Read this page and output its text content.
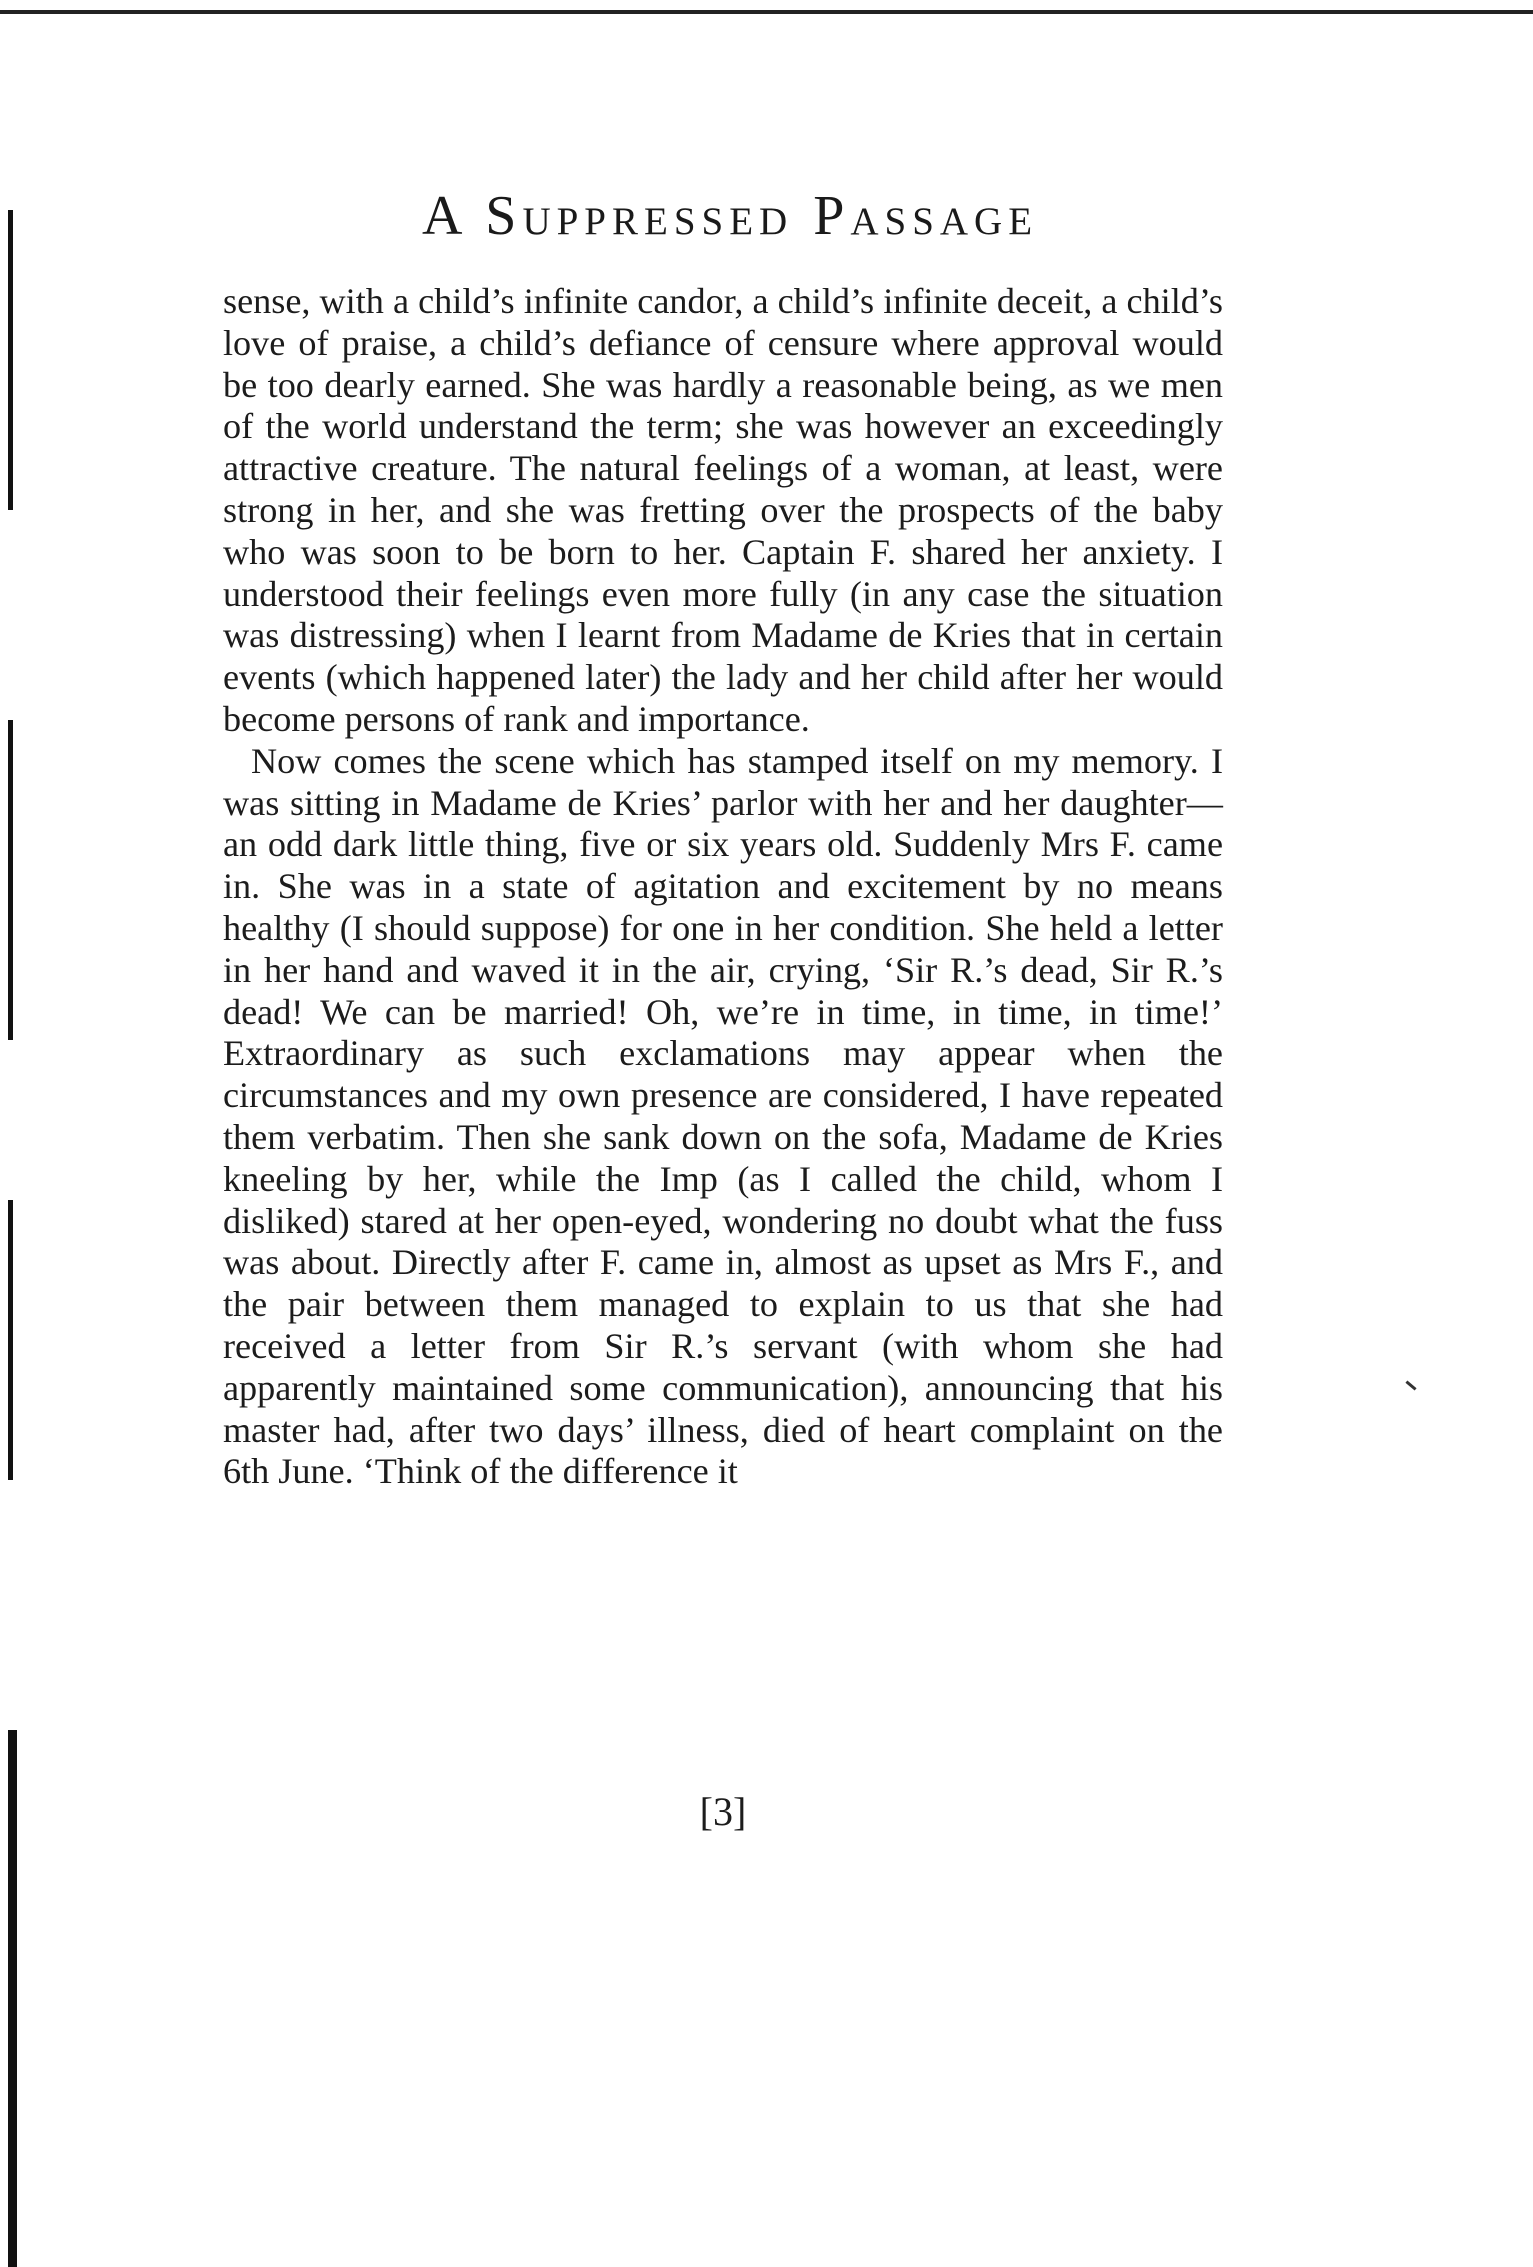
A Suppressed Passage

sense, with a child’s infinite candor, a child’s infinite deceit, a child’s love of praise, a child’s defiance of censure where approval would be too dearly earned. She was hardly a reasonable being, as we men of the world understand the term; she was however an exceedingly attractive creature. The natural feelings of a woman, at least, were strong in her, and she was fretting over the prospects of the baby who was soon to be born to her. Captain F. shared her anxiety. I understood their feelings even more fully (in any case the situation was distressing) when I learnt from Madame de Kries that in certain events (which happened later) the lady and her child after her would become persons of rank and importance.

Now comes the scene which has stamped itself on my memory. I was sitting in Madame de Kries’ parlor with her and her daughter—an odd dark little thing, five or six years old. Suddenly Mrs F. came in. She was in a state of agitation and excitement by no means healthy (I should suppose) for one in her condition. She held a letter in her hand and waved it in the air, crying, ‘Sir R.’s dead, Sir R.’s dead! We can be married! Oh, we’re in time, in time, in time!’ Extraordinary as such exclamations may appear when the circumstances and my own presence are considered, I have repeated them verbatim. Then she sank down on the sofa, Madame de Kries kneeling by her, while the Imp (as I called the child, whom I disliked) stared at her open-eyed, wondering no doubt what the fuss was about. Directly after F. came in, almost as upset as Mrs F., and the pair between them managed to explain to us that she had received a letter from Sir R.’s servant (with whom she had apparently maintained some communication), announcing that his master had, after two days’ illness, died of heart complaint on the 6th June. ‘Think of the difference it

[3]
